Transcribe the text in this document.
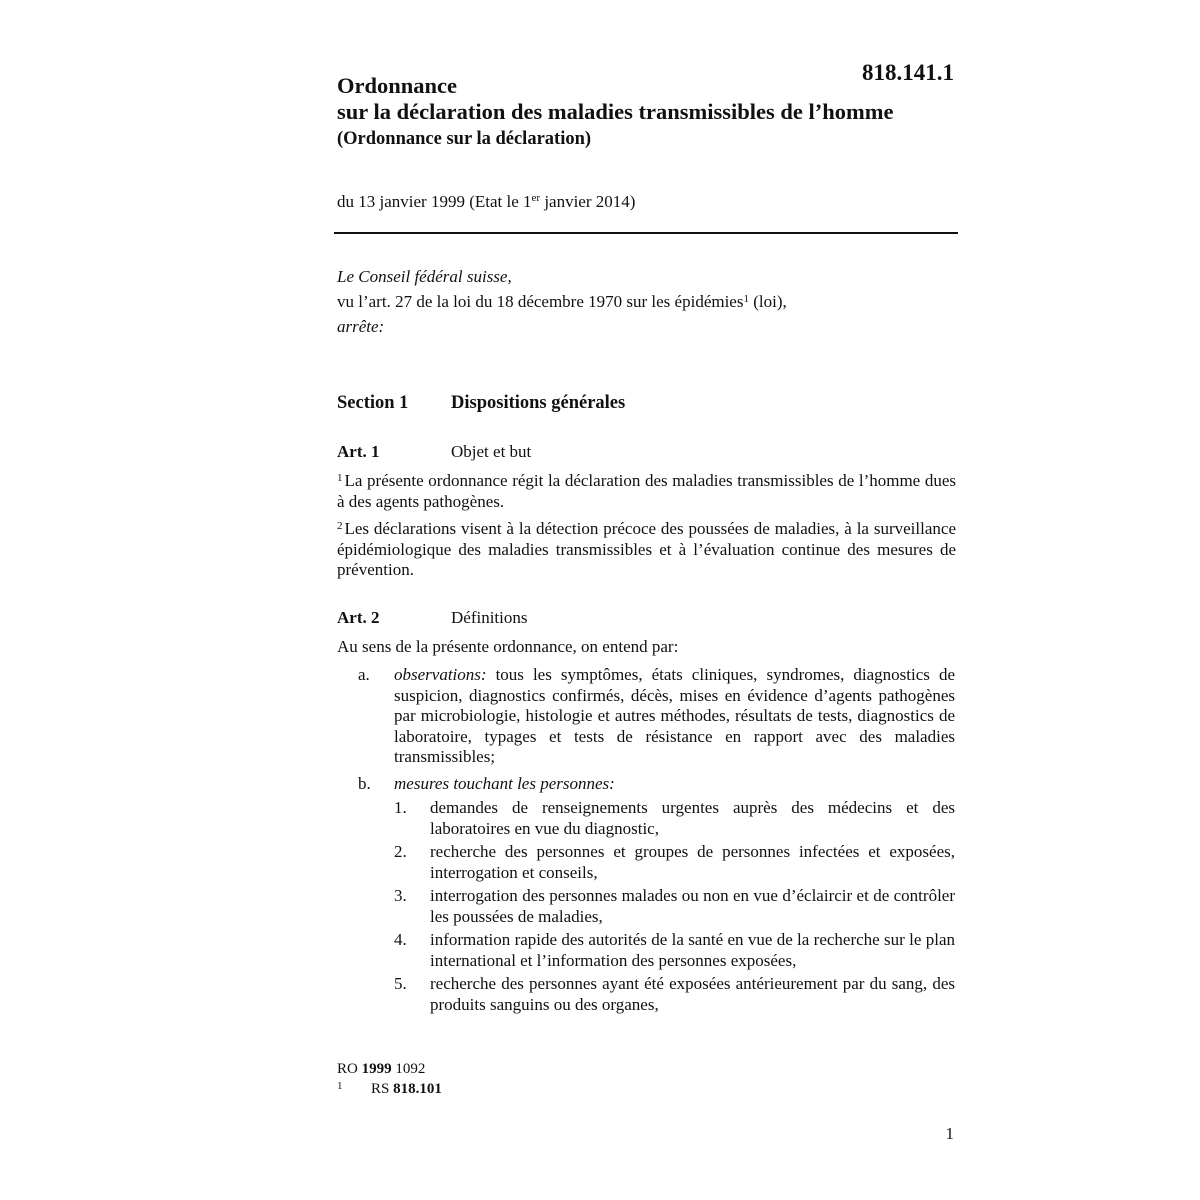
818.141.1
Ordonnance
sur la déclaration des maladies transmissibles de l’homme
(Ordonnance sur la déclaration)
du 13 janvier 1999 (Etat le 1er janvier 2014)
Le Conseil fédéral suisse,
vu l’art. 27 de la loi du 18 décembre 1970 sur les épidémies$^1$ (loi),
arrête:
Section 1 Dispositions générales
Art. 1	Objet et but
$^1$ La présente ordonnance régit la déclaration des maladies transmissibles de l’homme dues à des agents pathogènes.
$^2$ Les déclarations visent à la détection précoce des poussées de maladies, à la surveillance épidémiologique des maladies transmissibles et à l’évaluation continue des mesures de prévention.
Art. 2	Définitions
Au sens de la présente ordonnance, on entend par:
a. observations: tous les symptômes, états cliniques, syndromes, diagnostics de suspicion, diagnostics confirmés, décès, mises en évidence d’agents pathogènes par microbiologie, histologie et autres méthodes, résultats de tests, diagnostics de laboratoire, typages et tests de résistance en rapport avec des maladies transmissibles;
b. mesures touchant les personnes:
1. demandes de renseignements urgentes auprès des médecins et des laboratoires en vue du diagnostic,
2. recherche des personnes et groupes de personnes infectées et exposées, interrogation et conseils,
3. interrogation des personnes malades ou non en vue d’éclaircir et de contrôler les poussées de maladies,
4. information rapide des autorités de la santé en vue de la recherche sur le plan international et l’information des personnes exposées,
5. recherche des personnes ayant été exposées antérieurement par du sang, des produits sanguins ou des organes,
RO 1999 1092
1 RS 818.101
1
